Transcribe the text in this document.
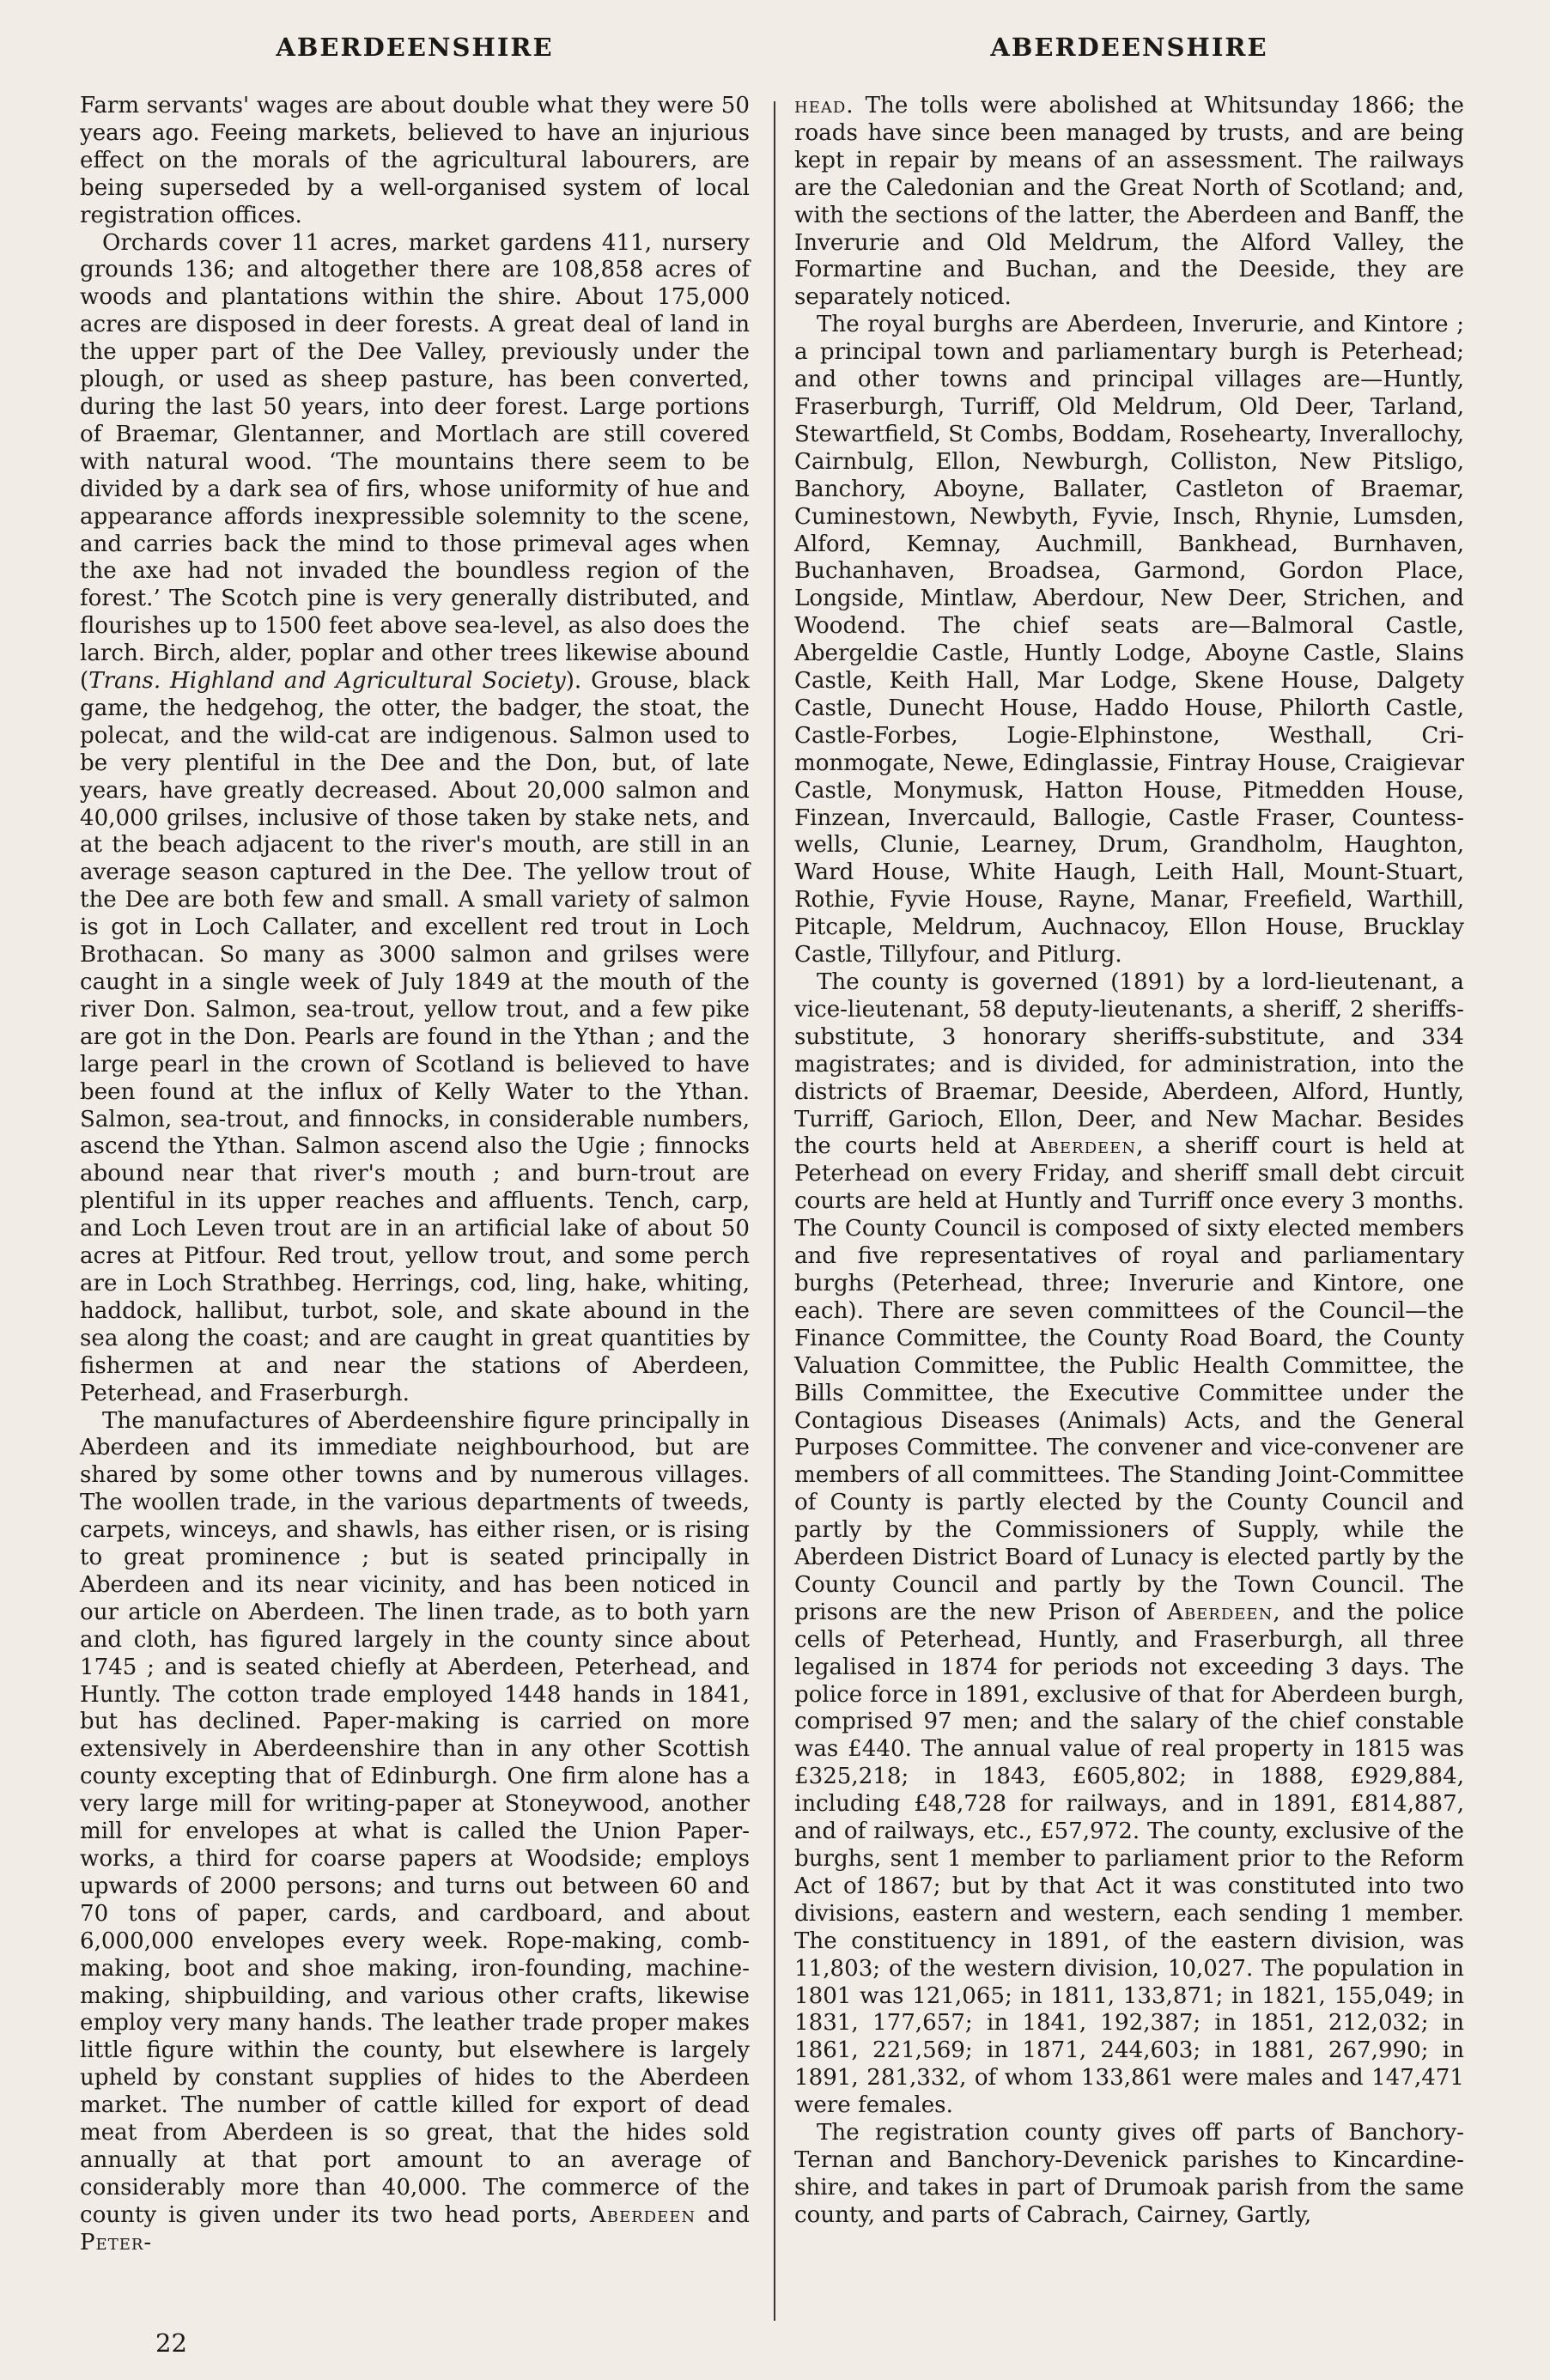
ABERDEENSHIRE	ABERDEENSHIRE

Farm servants' wages are about double what they were 50 years ago. Feeing markets, believed to have an injurious effect on the morals of the agricultural labourers, are being superseded by a well-organised system of local registration offices.

Orchards cover 11 acres, market gardens 411, nursery grounds 136; and altogether there are 108,858 acres of woods and plantations within the shire. About 175,000 acres are disposed in deer forests. A great deal of land in the upper part of the Dee Valley, previously under the plough, or used as sheep pasture, has been converted, during the last 50 years, into deer forest. Large portions of Braemar, Glentanner, and Mortlach are still covered with natural wood. ‘The mountains there seem to be divided by a dark sea of firs, whose uniformity of hue and appearance affords inexpressible solemnity to the scene, and carries back the mind to those primeval ages when the axe had not invaded the boundless region of the forest.’ The Scotch pine is very generally distributed, and flourishes up to 1500 feet above sea-level, as also does the larch. Birch, alder, poplar and other trees likewise abound (Trans. Highland and Agricultural Society). Grouse, black game, the hedgehog, the otter, the badger, the stoat, the polecat, and the wild-cat are indigenous. Salmon used to be very plentiful in the Dee and the Don, but, of late years, have greatly decreased. About 20,000 salmon and 40,000 grilses, inclusive of those taken by stake nets, and at the beach adjacent to the river's mouth, are still in an average season captured in the Dee. The yellow trout of the Dee are both few and small. A small variety of salmon is got in Loch Callater, and excellent red trout in Loch Brothacan. So many as 3000 salmon and grilses were caught in a single week of July 1849 at the mouth of the river Don. Salmon, sea-trout, yellow trout, and a few pike are got in the Don. Pearls are found in the Ythan ; and the large pearl in the crown of Scotland is believed to have been found at the influx of Kelly Water to the Ythan. Salmon, sea-trout, and finnocks, in considerable numbers, ascend the Ythan. Salmon ascend also the Ugie ; finnocks abound near that river's mouth ; and burn-trout are plentiful in its upper reaches and affluents. Tench, carp, and Loch Leven trout are in an artificial lake of about 50 acres at Pitfour. Red trout, yellow trout, and some perch are in Loch Strathbeg. Herrings, cod, ling, hake, whiting, haddock, hallibut, turbot, sole, and skate abound in the sea along the coast; and are caught in great quantities by fishermen at and near the stations of Aberdeen, Peterhead, and Fraserburgh.

The manufactures of Aberdeenshire figure principally in Aberdeen and its immediate neighbourhood, but are shared by some other towns and by numerous villages. The woollen trade, in the various departments of tweeds, carpets, winceys, and shawls, has either risen, or is rising to great prominence ; but is seated principally in Aberdeen and its near vicinity, and has been noticed in our article on Aberdeen. The linen trade, as to both yarn and cloth, has figured largely in the county since about 1745 ; and is seated chiefly at Aberdeen, Peterhead, and Huntly. The cotton trade employed 1448 hands in 1841, but has declined. Paper-making is carried on more extensively in Aberdeenshire than in any other Scottish county excepting that of Edinburgh. One firm alone has a very large mill for writing-paper at Stoneywood, another mill for envelopes at what is called the Union Paper-works, a third for coarse papers at Woodside; employs upwards of 2000 persons; and turns out between 60 and 70 tons of paper, cards, and cardboard, and about 6,000,000 envelopes every week. Rope-making, comb-making, boot and shoe making, iron-founding, machine-making, shipbuilding, and various other crafts, likewise employ very many hands. The leather trade proper makes little figure within the county, but elsewhere is largely upheld by constant supplies of hides to the Aberdeen market. The number of cattle killed for export of dead meat from Aberdeen is so great, that the hides sold annually at that port amount to an average of considerably more than 40,000. The commerce of the county is given under its two head ports, Aberdeen and Peter-

head. The tolls were abolished at Whitsunday 1866; the roads have since been managed by trusts, and are being kept in repair by means of an assessment. The railways are the Caledonian and the Great North of Scotland; and, with the sections of the latter, the Aberdeen and Banff, the Inverurie and Old Meldrum, the Alford Valley, the Formartine and Buchan, and the Deeside, they are separately noticed.

The royal burghs are Aberdeen, Inverurie, and Kintore ; a principal town and parliamentary burgh is Peterhead; and other towns and principal villages are—Huntly, Fraserburgh, Turriff, Old Meldrum, Old Deer, Tarland, Stewartfield, St Combs, Boddam, Rosehearty, Inverallochy, Cairnbulg, Ellon, Newburgh, Colliston, New Pitsligo, Banchory, Aboyne, Ballater, Castleton of Braemar, Cuminestown, Newbyth, Fyvie, Insch, Rhynie, Lumsden, Alford, Kemnay, Auchmill, Bankhead, Burnhaven, Buchanhaven, Broadsea, Garmond, Gordon Place, Longside, Mintlaw, Aberdour, New Deer, Strichen, and Woodend. The chief seats are—Balmoral Castle, Abergeldie Castle, Huntly Lodge, Aboyne Castle, Slains Castle, Keith Hall, Mar Lodge, Skene House, Dalgety Castle, Dunecht House, Haddo House, Philorth Castle, Castle-Forbes, Logie-Elphinstone, Westhall, Crimonmogate, Newe, Edinglassie, Fintray House, Craigievar Castle, Monymusk, Hatton House, Pitmedden House, Finzean, Invercauld, Ballogie, Castle Fraser, Countesswells, Clunie, Learney, Drum, Grandholm, Haughton, Ward House, White Haugh, Leith Hall, Mount-Stuart, Rothie, Fyvie House, Rayne, Manar, Freefield, Warthill, Pitcaple, Meldrum, Auchnacoy, Ellon House, Brucklay Castle, Tillyfour, and Pitlurg.

The county is governed (1891) by a lord-lieutenant, a vice-lieutenant, 58 deputy-lieutenants, a sheriff, 2 sheriffs-substitute, 3 honorary sheriffs-substitute, and 334 magistrates; and is divided, for administration, into the districts of Braemar, Deeside, Aberdeen, Alford, Huntly, Turriff, Garioch, Ellon, Deer, and New Machar. Besides the courts held at Aberdeen, a sheriff court is held at Peterhead on every Friday, and sheriff small debt circuit courts are held at Huntly and Turriff once every 3 months. The County Council is composed of sixty elected members and five representatives of royal and parliamentary burghs (Peterhead, three; Inverurie and Kintore, one each). There are seven committees of the Council—the Finance Committee, the County Road Board, the County Valuation Committee, the Public Health Committee, the Bills Committee, the Executive Committee under the Contagious Diseases (Animals) Acts, and the General Purposes Committee. The convener and vice-convener are members of all committees. The Standing Joint-Committee of County is partly elected by the County Council and partly by the Commissioners of Supply, while the Aberdeen District Board of Lunacy is elected partly by the County Council and partly by the Town Council. The prisons are the new Prison of Aberdeen, and the police cells of Peterhead, Huntly, and Fraserburgh, all three legalised in 1874 for periods not exceeding 3 days. The police force in 1891, exclusive of that for Aberdeen burgh, comprised 97 men; and the salary of the chief constable was £440. The annual value of real property in 1815 was £325,218; in 1843, £605,802; in 1888, £929,884, including £48,728 for railways, and in 1891, £814,887, and of railways, etc., £57,972. The county, exclusive of the burghs, sent 1 member to parliament prior to the Reform Act of 1867; but by that Act it was constituted into two divisions, eastern and western, each sending 1 member. The constituency in 1891, of the eastern division, was 11,803; of the western division, 10,027. The population in 1801 was 121,065; in 1811, 133,871; in 1821, 155,049; in 1831, 177,657; in 1841, 192,387; in 1851, 212,032; in 1861, 221,569; in 1871, 244,603; in 1881, 267,990; in 1891, 281,332, of whom 133,861 were males and 147,471 were females.

The registration county gives off parts of Banchory-Ternan and Banchory-Devenick parishes to Kincardineshire, and takes in part of Drumoak parish from the same county, and parts of Cabrach, Cairney, Gartly,

22
